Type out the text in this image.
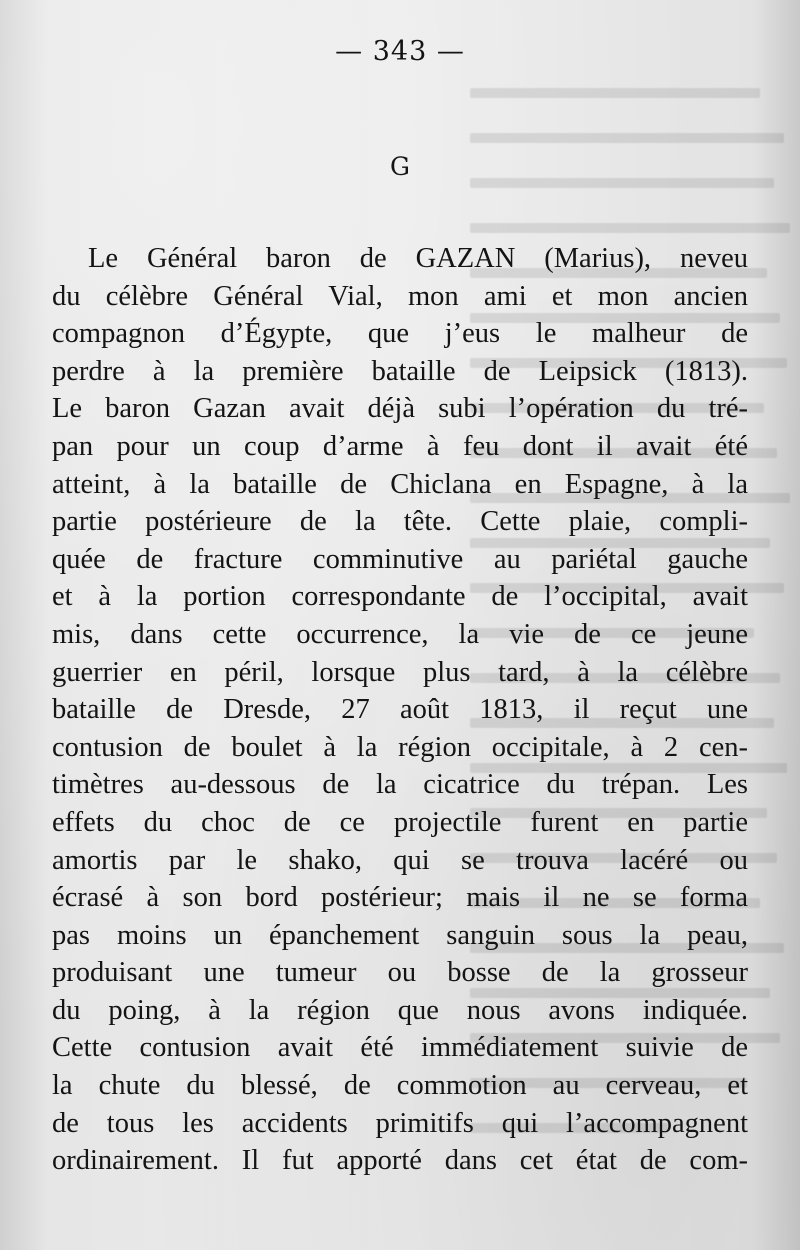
— 343 —
G
Le Général baron de GAZAN (Marius), neveu
du célèbre Général Vial, mon ami et mon ancien
compagnon d’Égypte, que j’eus le malheur de
perdre à la première bataille de Leipsick (1813).
Le baron Gazan avait déjà subi l’opération du tré-
pan pour un coup d’arme à feu dont il avait été
atteint, à la bataille de Chiclana en Espagne, à la
partie postérieure de la tête. Cette plaie, compli-
quée de fracture comminutive au pariétal gauche
et à la portion correspondante de l’occipital, avait
mis, dans cette occurrence, la vie de ce jeune
guerrier en péril, lorsque plus tard, à la célèbre
bataille de Dresde, 27 août 1813, il reçut une
contusion de boulet à la région occipitale, à 2 cen-
timètres au-dessous de la cicatrice du trépan. Les
effets du choc de ce projectile furent en partie
amortis par le shako, qui se trouva lacéré ou
écrasé à son bord postérieur; mais il ne se forma
pas moins un épanchement sanguin sous la peau,
produisant une tumeur ou bosse de la grosseur
du poing, à la région que nous avons indiquée.
Cette contusion avait été immédiatement suivie de
la chute du blessé, de commotion au cerveau, et
de tous les accidents primitifs qui l’accompagnent
ordinairement. Il fut apporté dans cet état de com-
